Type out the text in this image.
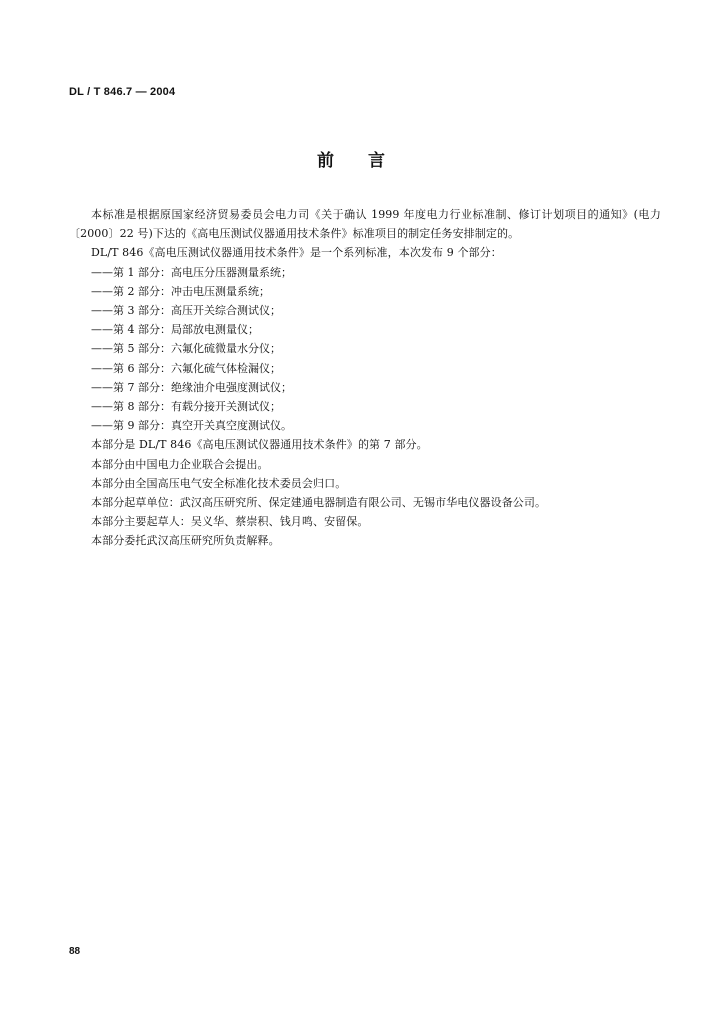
DL / T 846.7 — 2004
前言

本标准是根据原国家经济贸易委员会电力司《关于确认 1999 年度电力行业标准制、修订计划项目的通知》(电力〔2000〕22 号)下达的《高电压测试仪器通用技术条件》标准项目的制定任务安排制定的。

DL/T 846《高电压测试仪器通用技术条件》是一个系列标准，本次发布 9 个部分：

——第 1 部分：高电压分压器测量系统；

——第 2 部分：冲击电压测量系统；

——第 3 部分：高压开关综合测试仪；

——第 4 部分：局部放电测量仪；

——第 5 部分：六氟化硫微量水分仪；

——第 6 部分：六氟化硫气体检漏仪；

——第 7 部分：绝缘油介电强度测试仪；

——第 8 部分：有载分接开关测试仪；

——第 9 部分：真空开关真空度测试仪。

本部分是 DL/T 846《高电压测试仪器通用技术条件》的第 7 部分。

本部分由中国电力企业联合会提出。

本部分由全国高压电气安全标准化技术委员会归口。

本部分起草单位：武汉高压研究所、保定建通电器制造有限公司、无锡市华电仪器设备公司。

本部分主要起草人：吴义华、蔡崇积、钱月鸣、安留保。

本部分委托武汉高压研究所负责解释。

88
